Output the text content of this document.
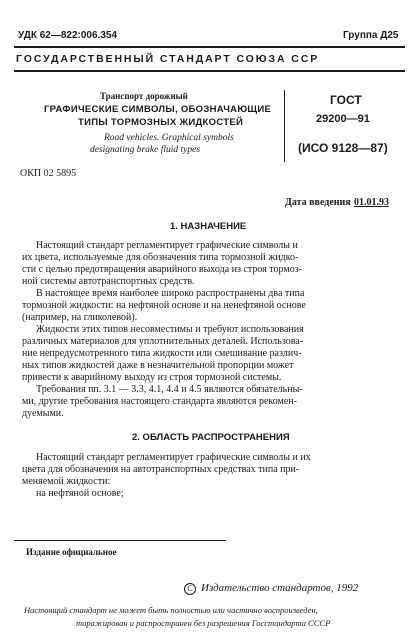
УДК 62—822:006.354	Группа Д25
ГОСУДАРСТВЕННЫЙ СТАНДАРТ СОЮЗА ССР
Транспорт дорожный
ГРАФИЧЕСКИЕ СИМВОЛЫ, ОБОЗНАЧАЮЩИЕ
ТИПЫ ТОРМОЗНЫХ ЖИДКОСТЕЙ
Road vehicles. Graphical symbols
designating brake fluid types
ГОСТ
29200—91
(ИСО 9128—87)
ОКП 02 5895
Дата введения 01.01.93
1. НАЗНАЧЕНИЕ
Настоящий стандарт регламентирует графические символы и
их цвета, используемые для обозначения типа тормозной жидко-
сти с целью предотвращения аварийного выхода из строя тормоз-
ной системы автотранспортных средств.
В настоящее время наиболее широко распространены два типа
тормозной жидкости: на нефтяной основе и на ненефтяной основе
(например, на гликолевой).
Жидкости этих типов несовместимы и требуют использования
различных материалов для уплотнительных деталей. Использова-
ние непредусмотренного типа жидкости или смешивание различ-
ных типов жидкостей даже в незначительной пропорции может
привести к аварийному выходу из строя тормозной системы.
Требования пп. 3.1 — 3.3, 4.1, 4.4 и 4.5 являются обязательны-
ми, другие требования настоящего стандарта являются рекомен-
дуемыми.
2. ОБЛАСТЬ РАСПРОСТРАНЕНИЯ
Настоящий стандарт регламентирует графические символы и их
цвета для обозначения на автотранспортных средствах типа при-
меняемой жидкости:
на нефтяной основе;
Издание официальное
C Издательство стандартов, 1992
Настоящий стандарт не может быть полностью или частично воспроизведен,
тиражирован и распространен без разрешения Госстандарта СССР
